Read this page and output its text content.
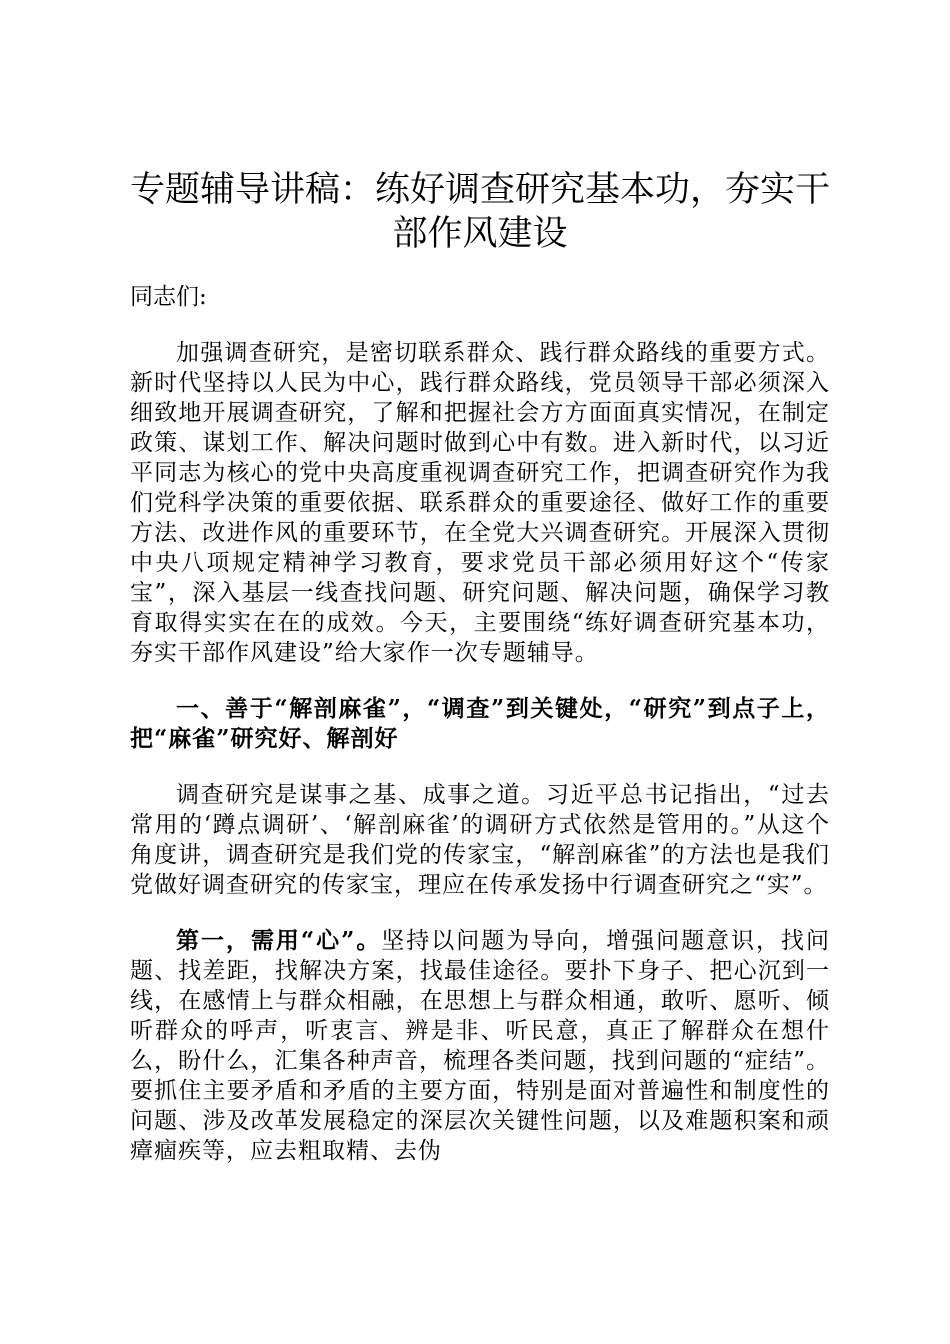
专题辅导讲稿：练好调查研究基本功，夯实干部作风建设

同志们:

加强调查研究，是密切联系群众、践行群众路线的重要方式。新时代坚持以人民为中心，践行群众路线，党员领导干部必须深入细致地开展调查研究，了解和把握社会方方面面真实情况，在制定政策、谋划工作、解决问题时做到心中有数。进入新时代，以习近平同志为核心的党中央高度重视调查研究工作，把调查研究作为我们党科学决策的重要依据、联系群众的重要途径、做好工作的重要方法、改进作风的重要环节，在全党大兴调查研究。开展深入贯彻中央八项规定精神学习教育，要求党员干部必须用好这个“传家宝”，深入基层一线查找问题、研究问题、解决问题，确保学习教育取得实实在在的成效。今天，主要围绕“练好调查研究基本功，夯实干部作风建设”给大家作一次专题辅导。

一、善于“解剖麻雀”，“调查”到关键处，“研究”到点子上，把“麻雀”研究好、解剖好

调查研究是谋事之基、成事之道。习近平总书记指出，“过去常用的‘蹲点调研’、‘解剖麻雀’的调研方式依然是管用的。”从这个角度讲，调查研究是我们党的传家宝，“解剖麻雀”的方法也是我们党做好调查研究的传家宝，理应在传承发扬中行调查研究之“实”。

第一，需用“心”。坚持以问题为导向，增强问题意识，找问题、找差距，找解决方案，找最佳途径。要扑下身子、把心沉到一线，在感情上与群众相融，在思想上与群众相通，敢听、愿听、倾听群众的呼声，听衷言、辨是非、听民意，真正了解群众在想什么，盼什么，汇集各种声音，梳理各类问题，找到问题的“症结”。要抓住主要矛盾和矛盾的主要方面，特别是面对普遍性和制度性的问题、涉及改革发展稳定的深层次关键性问题，以及难题积案和顽瘴痼疾等，应去粗取精、去伪
